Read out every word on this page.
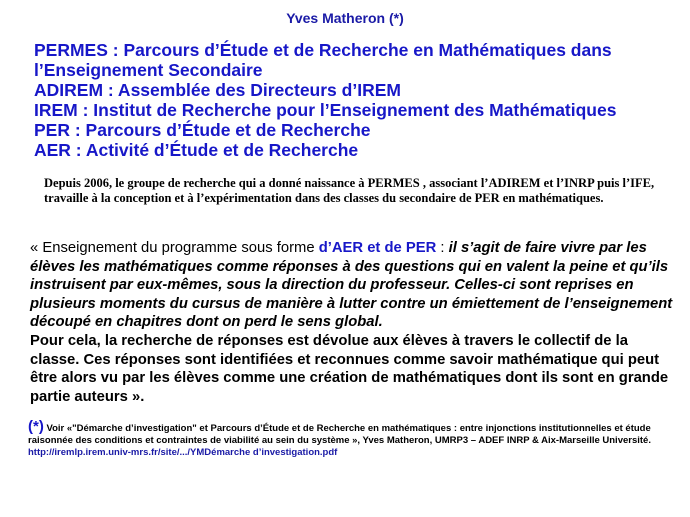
Yves Matheron (*)
PERMES : Parcours d’Étude et de Recherche en Mathématiques dans
l’Enseignement Secondaire
ADIREM : Assemblée des Directeurs d’IREM
IREM : Institut de Recherche pour l’Enseignement des Mathématiques
PER : Parcours d’Étude et de Recherche
AER : Activité d’Étude et de Recherche
Depuis 2006, le groupe de recherche qui a donné naissance à PERMES , associant l’ADIREM et l’INRP puis l’IFE, travaille à la conception et à l’expérimentation dans des classes du secondaire de PER en mathématiques.
« Enseignement du programme sous forme d’AER et de PER : il s’agit de faire vivre par les élèves les mathématiques comme réponses à des questions qui en valent la peine et qu’ils instruisent par eux-mêmes, sous la direction du professeur. Celles-ci sont reprises en plusieurs moments du cursus de manière à lutter contre un émiettement de l’enseignement découpé en chapitres dont on perd le sens global.
Pour cela, la recherche de réponses est dévolue aux élèves à travers le collectif de la classe. Ces réponses sont identifiées et reconnues comme savoir mathématique qui peut être alors vu par les élèves comme une création de mathématiques dont ils sont en grande partie auteurs ».
(*) Voir «"Démarche d’investigation" et Parcours d’Étude et de Recherche en mathématiques : entre injonctions institutionnelles et étude raisonnée des conditions et contraintes de viabilité au sein du système », Yves Matheron, UMRP3 – ADEF INRP & Aix-Marseille Université.
http://iremlp.irem.univ-mrs.fr/site/.../YMDémarche d’investigation.pdf
